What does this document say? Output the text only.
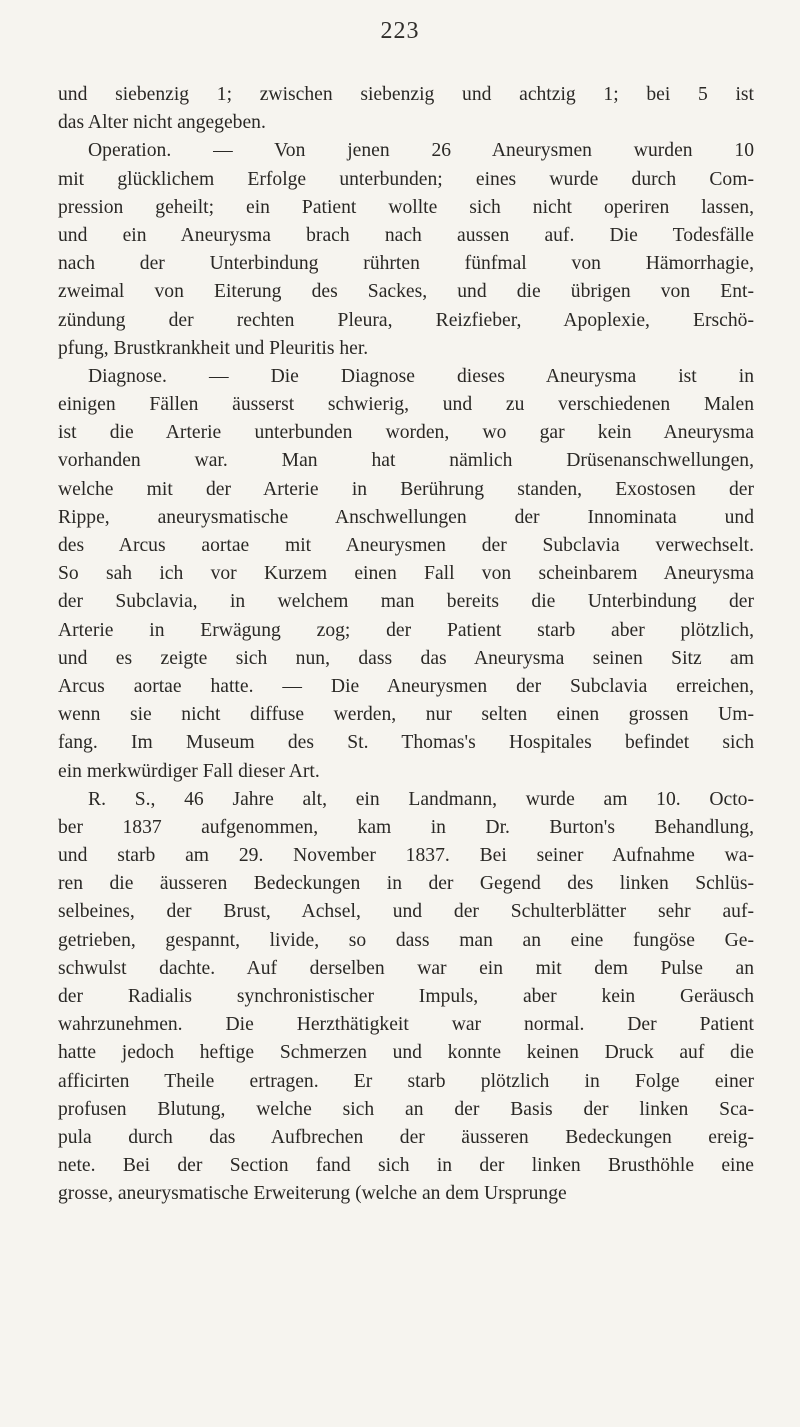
223
und siebenzig 1; zwischen siebenzig und achtzig 1; bei 5 ist
das Alter nicht angegeben.
Operation. — Von jenen 26 Aneurysmen wurden 10
mit glücklichem Erfolge unterbunden; eines wurde durch Com-
pression geheilt; ein Patient wollte sich nicht operiren lassen,
und ein Aneurysma brach nach aussen auf. Die Todesfälle
nach der Unterbindung rührten fünfmal von Hämorrhagie,
zweimal von Eiterung des Sackes, und die übrigen von Ent-
zündung der rechten Pleura, Reizfieber, Apoplexie, Erschö-
pfung, Brustkrankheit und Pleuritis her.
Diagnose. — Die Diagnose dieses Aneurysma ist in
einigen Fällen äusserst schwierig, und zu verschiedenen Malen
ist die Arterie unterbunden worden, wo gar kein Aneurysma
vorhanden war. Man hat nämlich Drüsenanschwellungen,
welche mit der Arterie in Berührung standen, Exostosen der
Rippe, aneurysmatische Anschwellungen der Innominata und
des Arcus aortae mit Aneurysmen der Subclavia verwechselt.
So sah ich vor Kurzem einen Fall von scheinbarem Aneurysma
der Subclavia, in welchem man bereits die Unterbindung der
Arterie in Erwägung zog; der Patient starb aber plötzlich,
und es zeigte sich nun, dass das Aneurysma seinen Sitz am
Arcus aortae hatte. — Die Aneurysmen der Subclavia erreichen,
wenn sie nicht diffuse werden, nur selten einen grossen Um-
fang. Im Museum des St. Thomas's Hospitales befindet sich
ein merkwürdiger Fall dieser Art.
R. S., 46 Jahre alt, ein Landmann, wurde am 10. Octo-
ber 1837 aufgenommen, kam in Dr. Burton's Behandlung,
und starb am 29. November 1837. Bei seiner Aufnahme wa-
ren die äusseren Bedeckungen in der Gegend des linken Schlüs-
selbeines, der Brust, Achsel, und der Schulterblätter sehr auf-
getrieben, gespannt, livide, so dass man an eine fungöse Ge-
schwulst dachte. Auf derselben war ein mit dem Pulse an
der Radialis synchronistischer Impuls, aber kein Geräusch
wahrzunehmen. Die Herzthätigkeit war normal. Der Patient
hatte jedoch heftige Schmerzen und konnte keinen Druck auf die
afficirten Theile ertragen. Er starb plötzlich in Folge einer
profusen Blutung, welche sich an der Basis der linken Sca-
pula durch das Aufbrechen der äusseren Bedeckungen ereig-
nete. Bei der Section fand sich in der linken Brusthöhle eine
grosse, aneurysmatische Erweiterung (welche an dem Ursprunge
